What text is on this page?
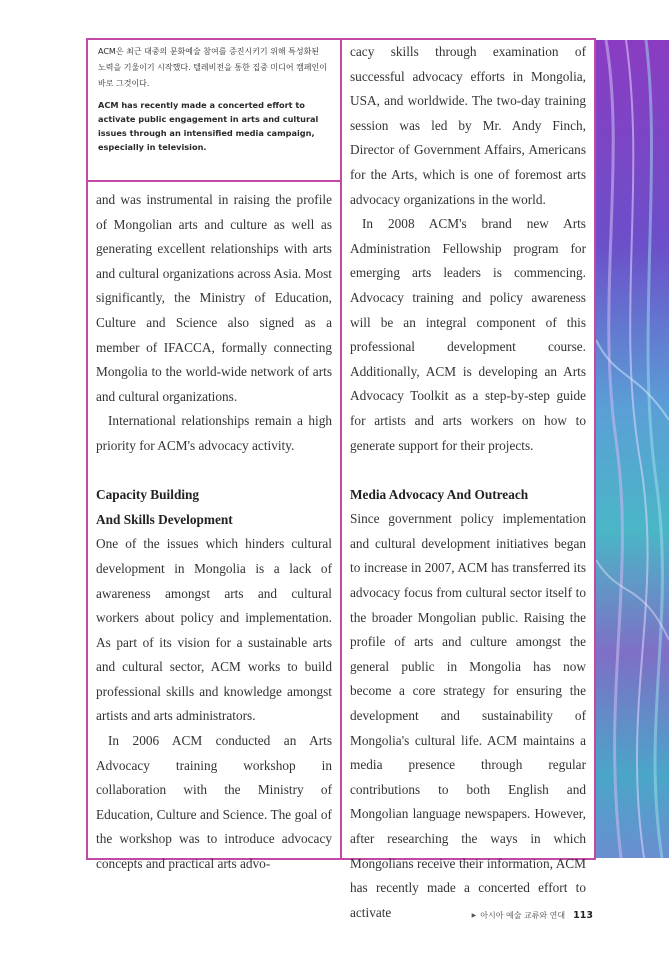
ACM은 최근 대중의 문화예술 참여를 증진시키기 위해 특성화된 노력을 기울이기 시작했다. 텔레비전을 통한 집중 미디어 캠페인이 바로 그것이다.

ACM has recently made a concerted effort to activate public engagement in arts and cultural issues through an intensified media campaign, especially in television.

and was instrumental in raising the profile of Mongolian arts and culture as well as generating excellent relationships with arts and cultural organizations across Asia. Most significantly, the Ministry of Education, Culture and Science also signed as a member of IFACCA, formally connecting Mongolia to the world-wide network of arts and cultural organizations.

International relationships remain a high priority for ACM's advocacy activity.

Capacity Building
And Skills Development

One of the issues which hinders cultural development in Mongolia is a lack of awareness amongst arts and cultural workers about policy and implementation. As part of its vision for a sustainable arts and cultural sector, ACM works to build professional skills and knowledge amongst artists and arts administrators.

In 2006 ACM conducted an Arts Advocacy training workshop in collaboration with the Ministry of Education, Culture and Science. The goal of the workshop was to introduce advocacy concepts and practical arts advo-

cacy skills through examination of successful advocacy efforts in Mongolia, USA, and worldwide. The two-day training session was led by Mr. Andy Finch, Director of Government Affairs, Americans for the Arts, which is one of foremost arts advocacy organizations in the world.

In 2008 ACM's brand new Arts Administration Fellowship program for emerging arts leaders is commencing. Advocacy training and policy awareness will be an integral component of this professional development course. Additionally, ACM is developing an Arts Advocacy Toolkit as a step-by-step guide for artists and arts workers on how to generate support for their projects.

Media Advocacy And Outreach

Since government policy implementation and cultural development initiatives began to increase in 2007, ACM has transferred its advocacy focus from cultural sector itself to the broader Mongolian public. Raising the profile of arts and culture amongst the general public in Mongolia has now become a core strategy for ensuring the development and sustainability of Mongolia's cultural life. ACM maintains a media presence through regular contributions to both English and Mongolian language newspapers. However, after researching the ways in which Mongolians receive their information, ACM has recently made a concerted effort to activate	▶ 아시아 예술 교류와 연대 113
